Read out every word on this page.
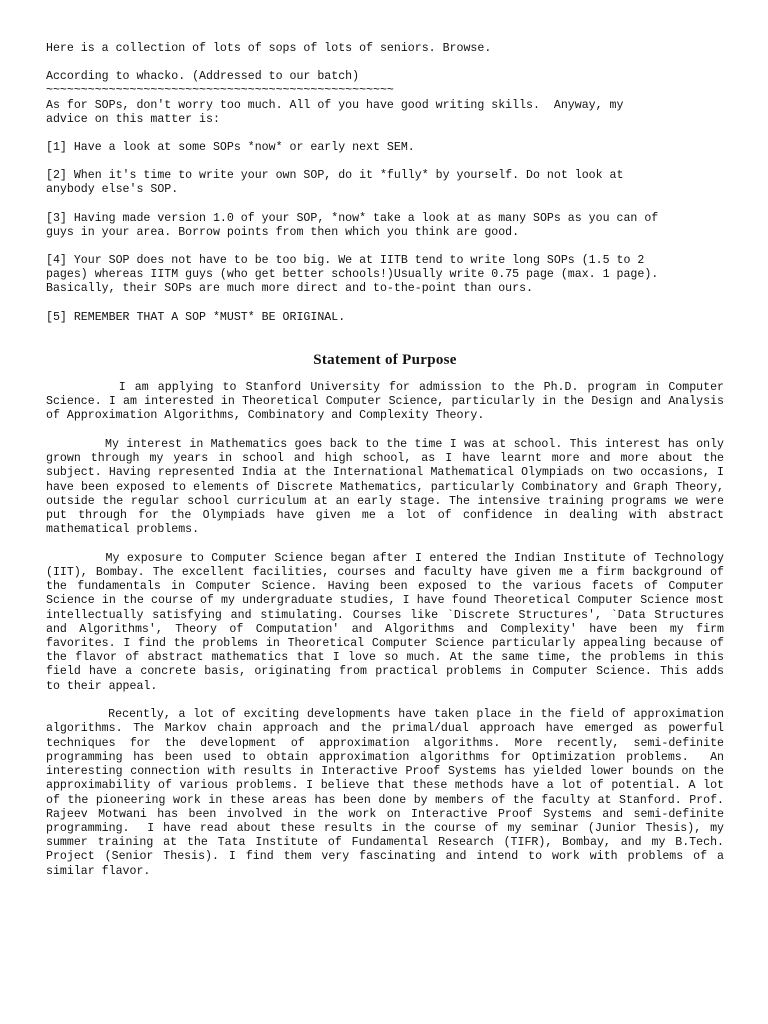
Here is a collection of lots of sops of lots of seniors. Browse.
According to whacko. (Addressed to our batch)
~~~~~~~~~~~~~~~~~~~~~~~~~~~~~~~~~~~~~~~~~~~~~~~~~~
As for SOPs, don't worry too much. All of you have good writing skills.  Anyway, my
advice on this matter is:
[1] Have a look at some SOPs *now* or early next SEM.
[2] When it's time to write your own SOP, do it *fully* by yourself. Do not look at
anybody else's SOP.
[3] Having made version 1.0 of your SOP, *now* take a look at as many SOPs as you can of
guys in your area. Borrow points from then which you think are good.
[4] Your SOP does not have to be too big. We at IITB tend to write long SOPs (1.5 to 2
pages) whereas IITM guys (who get better schools!)Usually write 0.75 page (max. 1 page).
Basically, their SOPs are much more direct and to-the-point than ours.
[5] REMEMBER THAT A SOP *MUST* BE ORIGINAL.
Statement of Purpose

I am applying to Stanford University for admission to the Ph.D. program in Computer Science. I am interested in Theoretical Computer Science, particularly in the Design and Analysis of Approximation Algorithms, Combinatory and Complexity Theory.

My interest in Mathematics goes back to the time I was at school. This interest has only grown through my years in school and high school, as I have learnt more and more about the subject. Having represented India at the International Mathematical Olympiads on two occasions, I have been exposed to elements of Discrete Mathematics, particularly Combinatory and Graph Theory, outside the regular school curriculum at an early stage. The intensive training programs we were put through for the Olympiads have given me a lot of confidence in dealing with abstract mathematical problems.

My exposure to Computer Science began after I entered the Indian Institute of Technology (IIT), Bombay. The excellent facilities, courses and faculty have given me a firm background of the fundamentals in Computer Science. Having been exposed to the various facets of Computer Science in the course of my undergraduate studies, I have found Theoretical Computer Science most intellectually satisfying and stimulating. Courses like `Discrete Structures', `Data Structures and Algorithms', Theory of Computation' and Algorithms and Complexity' have been my firm favorites. I find the problems in Theoretical Computer Science particularly appealing because of the flavor of abstract mathematics that I love so much. At the same time, the problems in this field have a concrete basis, originating from practical problems in Computer Science. This adds to their appeal.

Recently, a lot of exciting developments have taken place in the field of approximation algorithms. The Markov chain approach and the primal/dual approach have emerged as powerful techniques for the development of approximation algorithms. More recently, semi-definite programming has been used to obtain approximation algorithms for Optimization problems.  An interesting connection with results in Interactive Proof Systems has yielded lower bounds on the approximability of various problems. I believe that these methods have a lot of potential. A lot of the pioneering work in these areas has been done by members of the faculty at Stanford. Prof. Rajeev Motwani has been involved in the work on Interactive Proof Systems and semi-definite programming.  I have read about these results in the course of my seminar (Junior Thesis), my summer training at the Tata Institute of Fundamental Research (TIFR), Bombay, and my B.Tech. Project (Senior Thesis). I find them very fascinating and intend to work with problems of a similar flavor.
